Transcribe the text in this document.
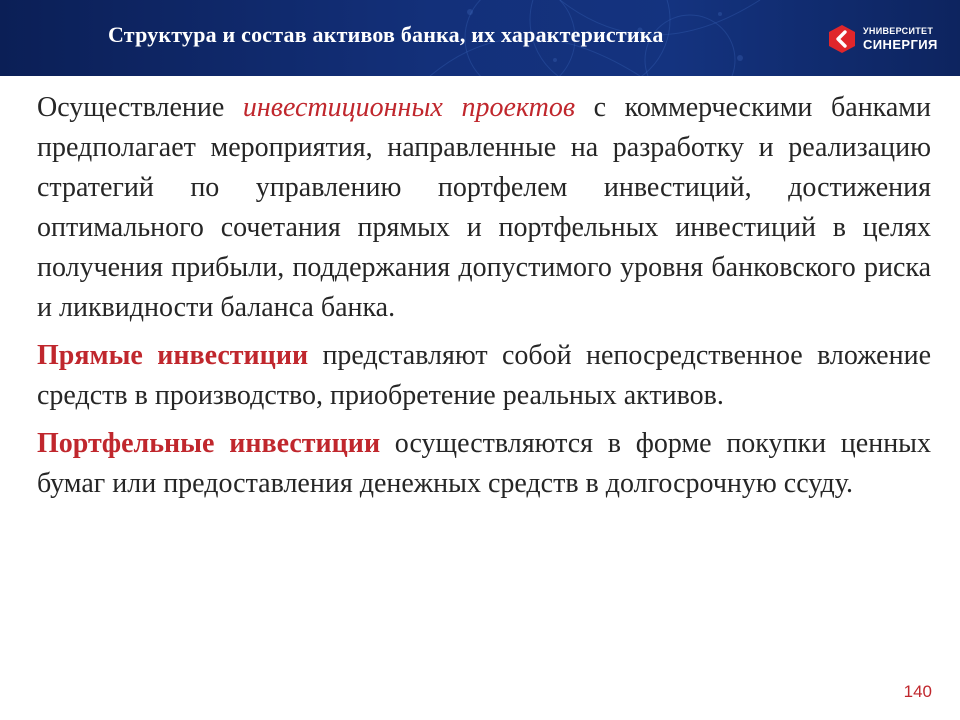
Структура и состав активов банка, их характеристика	УНИВЕРСИТЕТ
СИНЕРГИЯ

Осуществление инвестиционных проектов с коммерческими банками предполагает мероприятия, направленные на разработку и реализацию стратегий по управлению портфелем инвестиций, достижения оптимального сочетания прямых и портфельных инвестиций в целях получения прибыли, поддержания допустимого уровня банковского риска и ликвидности баланса банка.

Прямые инвестиции представляют собой непосредственное вложение средств в производство, приобретение реальных активов.

Портфельные инвестиции осуществляются в форме покупки ценных бумаг или предоставления денежных средств в долгосрочную ссуду.

140
